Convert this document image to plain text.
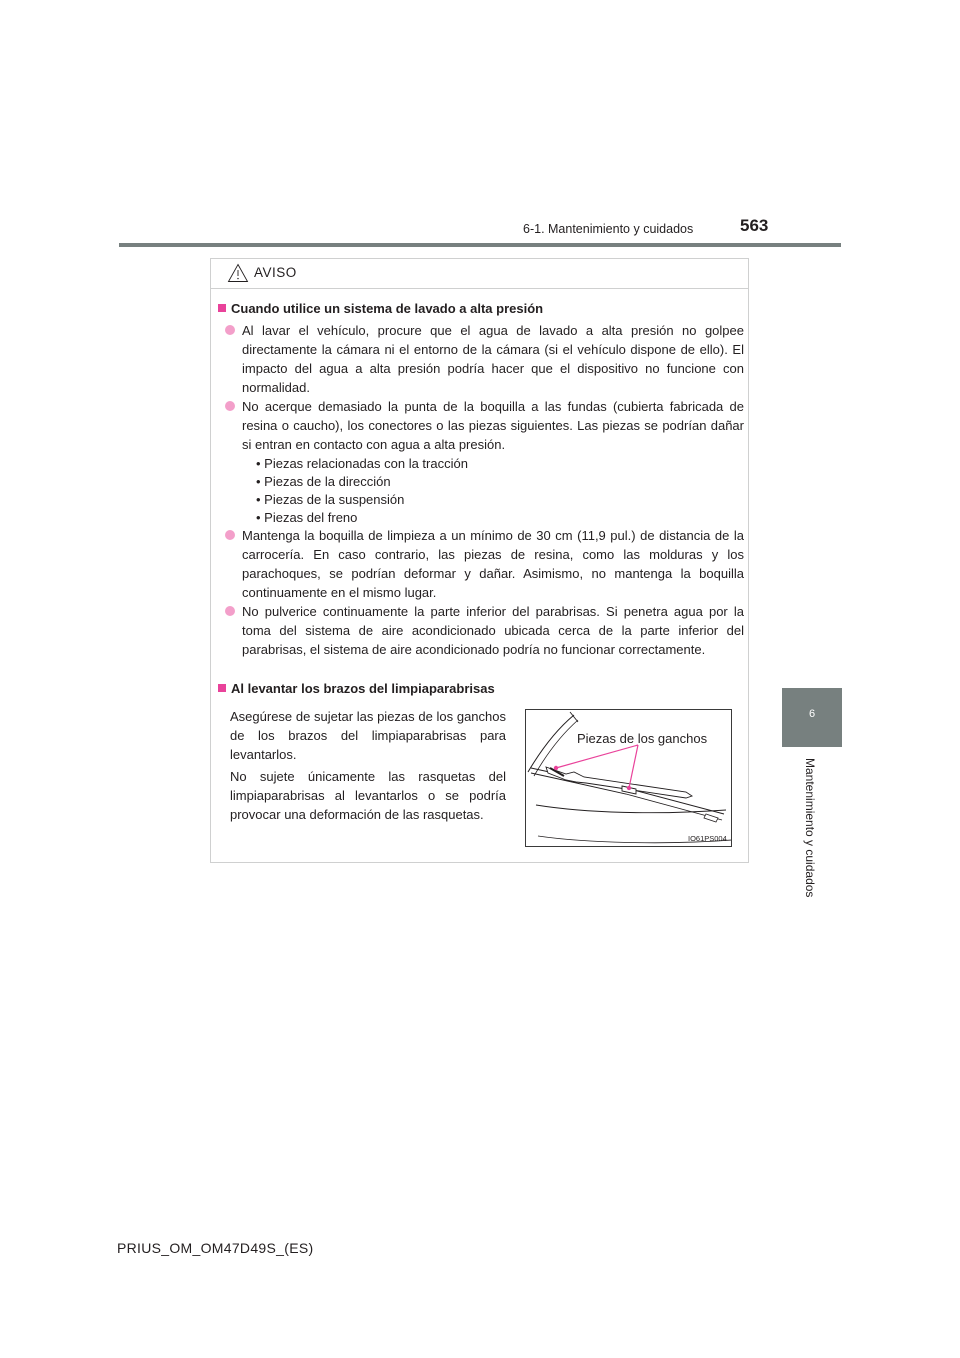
6-1. Mantenimiento y cuidados	563
6
Mantenimiento y cuidados
AVISO
Cuando utilice un sistema de lavado a alta presión

Al lavar el vehículo, procure que el agua de lavado a alta presión no golpee directamente la cámara ni el entorno de la cámara (si el vehículo dispone de ello). El impacto del agua a alta presión podría hacer que el dispositivo no funcione con normalidad.

No acerque demasiado la punta de la boquilla a las fundas (cubierta fabricada de resina o caucho), los conectores o las piezas siguientes. Las piezas se podrían dañar si entran en contacto con agua a alta presión.

• Piezas relacionadas con la tracción
• Piezas de la dirección
• Piezas de la suspensión
• Piezas del freno

Mantenga la boquilla de limpieza a un mínimo de 30 cm (11,9 pul.) de distancia de la carrocería. En caso contrario, las piezas de resina, como las molduras y los parachoques, se podrían deformar y dañar. Asimismo, no mantenga la boquilla continuamente en el mismo lugar.

No pulverice continuamente la parte inferior del parabrisas. Si penetra agua por la toma del sistema de aire acondicionado ubicada cerca de la parte inferior del parabrisas, el sistema de aire acondicionado podría no funcionar correctamente.

Al levantar los brazos del limpiaparabrisas
Asegúrese de sujetar las piezas de los ganchos de los brazos del limpiaparabrisas para levantarlos.
No sujete únicamente las rasquetas del limpiaparabrisas al levantarlos o se podría provocar una deformación de las rasquetas.
Piezas de los ganchos
IO61PS004
PRIUS_OM_OM47D49S_(ES)
